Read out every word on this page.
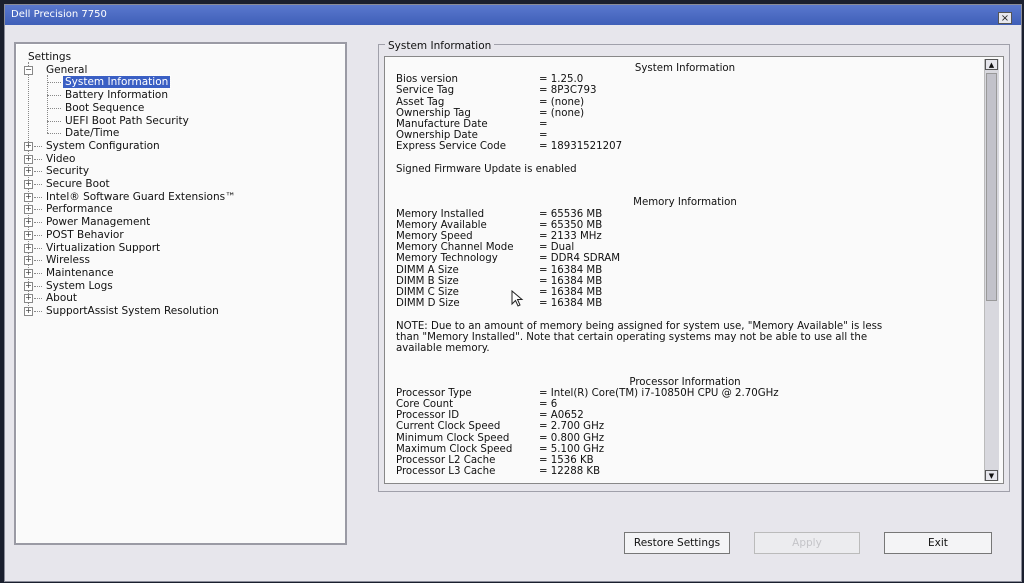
Dell Precision 7750	×
Settings
− General
System Information
Battery Information
Boot Sequence
UEFI Boot Path Security
Date/Time
+ System Configuration
+ Video
+ Security
+ Secure Boot
+ Intel® Software Guard Extensions™
+ Performance
+ Power Management
+ POST Behavior
+ Virtualization Support
+ Wireless
+ Maintenance
+ System Logs
+ About
+ SupportAssist System Resolution
System Information
System Information
Bios version	= 1.25.0
Service Tag	= 8P3C793
Asset Tag	= (none)
Ownership Tag	= (none)
Manufacture Date	=
Ownership Date	=
Express Service Code	= 18931521207
Signed Firmware Update is enabled
Memory Information
Memory Installed	= 65536 MB
Memory Available	= 65350 MB
Memory Speed	= 2133 MHz
Memory Channel Mode	= Dual
Memory Technology	= DDR4 SDRAM
DIMM A Size	= 16384 MB
DIMM B Size	= 16384 MB
DIMM C Size	= 16384 MB
DIMM D Size	= 16384 MB
NOTE: Due to an amount of memory being assigned for system use, "Memory Available" is less than "Memory Installed". Note that certain operating systems may not be able to use all the available memory.
Processor Information
Processor Type	= Intel(R) Core(TM) i7-10850H CPU @ 2.70GHz
Core Count	= 6
Processor ID	= A0652
Current Clock Speed	= 2.700 GHz
Minimum Clock Speed	= 0.800 GHz
Maximum Clock Speed	= 5.100 GHz
Processor L2 Cache	= 1536 KB
Processor L3 Cache	= 12288 KB
▲
▼
Restore Settings	Apply	Exit
